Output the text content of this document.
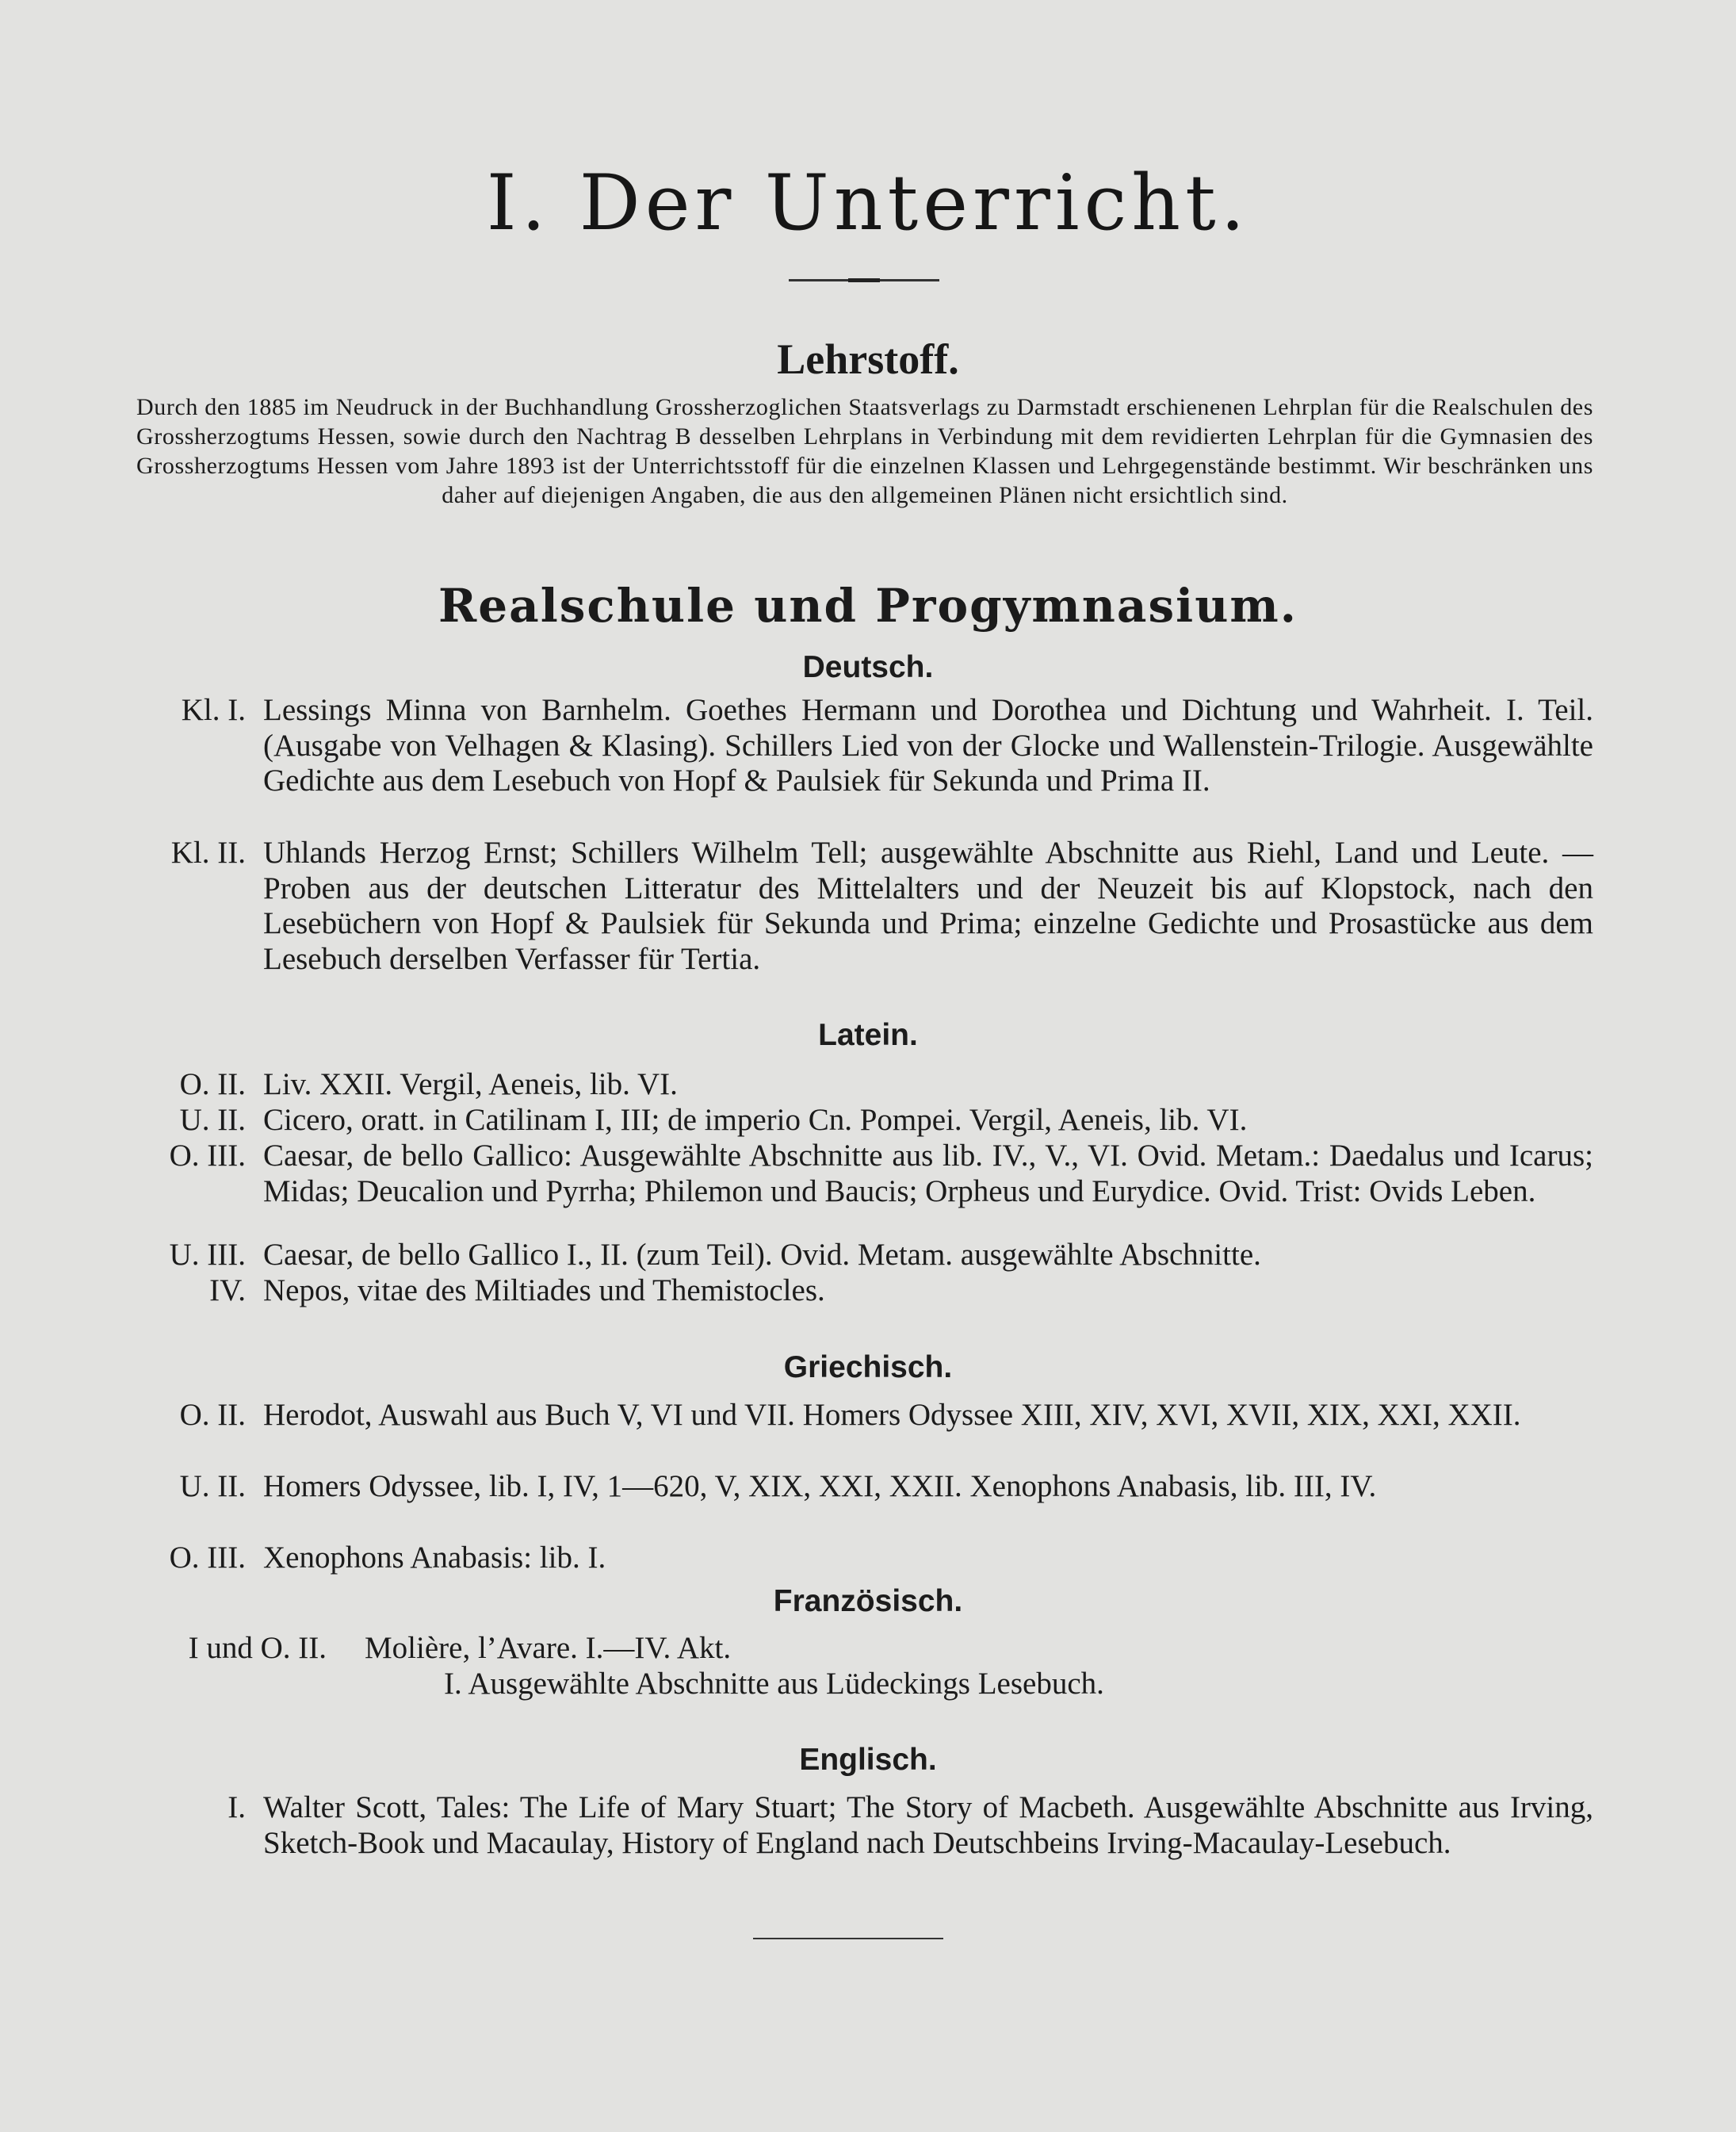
I. Der Unterricht.
Lehrstoff.
Durch den 1885 im Neudruck in der Buchhandlung Grossherzoglichen Staatsverlags zu Darmstadt erschienenen Lehrplan für die Realschulen des Grossherzogtums Hessen, sowie durch den Nachtrag B desselben Lehrplans in Verbindung mit dem revidierten Lehrplan für die Gymnasien des Grossherzogtums Hessen vom Jahre 1893 ist der Unterrichtsstoff für die einzelnen Klassen und Lehrgegenstände bestimmt. Wir beschränken uns daher auf diejenigen Angaben, die aus den allgemeinen Plänen nicht ersichtlich sind.
Realschule und Progymnasium.
Deutsch.
Kl. I. Lessings Minna von Barnhelm. Goethes Hermann und Dorothea und Dichtung und Wahrheit. I. Teil. (Ausgabe von Velhagen & Klasing). Schillers Lied von der Glocke und Wallenstein-Trilogie. Ausgewählte Gedichte aus dem Lesebuch von Hopf & Paulsiek für Sekunda und Prima II.
Kl. II. Uhlands Herzog Ernst; Schillers Wilhelm Tell; ausgewählte Abschnitte aus Riehl, Land und Leute. — Proben aus der deutschen Litteratur des Mittelalters und der Neuzeit bis auf Klopstock, nach den Lesebüchern von Hopf & Paulsiek für Sekunda und Prima; einzelne Gedichte und Prosastücke aus dem Lesebuch derselben Verfasser für Tertia.
Latein.
O. II. Liv. XXII. Vergil, Aeneis, lib. VI.
U. II. Cicero, oratt. in Catilinam I, III; de imperio Cn. Pompei. Vergil, Aeneis, lib. VI.
O. III. Caesar, de bello Gallico: Ausgewählte Abschnitte aus lib. IV., V., VI. Ovid. Metam.: Daedalus und Icarus; Midas; Deucalion und Pyrrha; Philemon und Baucis; Orpheus und Eurydice. Ovid. Trist: Ovids Leben.
U. III. Caesar, de bello Gallico I., II. (zum Teil). Ovid. Metam. ausgewählte Abschnitte.
IV. Nepos, vitae des Miltiades und Themistocles.
Griechisch.
O. II. Herodot, Auswahl aus Buch V, VI und VII. Homers Odyssee XIII, XIV, XVI, XVII, XIX, XXI, XXII.
U. II. Homers Odyssee, lib. I, IV, 1—620, V, XIX, XXI, XXII. Xenophons Anabasis, lib. III, IV.
O. III. Xenophons Anabasis: lib. I.
Französisch.
I und O. II. Molière, l’Avare. I.—IV. Akt.
I. Ausgewählte Abschnitte aus Lüdeckings Lesebuch.
Englisch.
I. Walter Scott, Tales: The Life of Mary Stuart; The Story of Macbeth. Ausgewählte Abschnitte aus Irving, Sketch-Book und Macaulay, History of England nach Deutschbeins Irving-Macaulay-Lesebuch.
